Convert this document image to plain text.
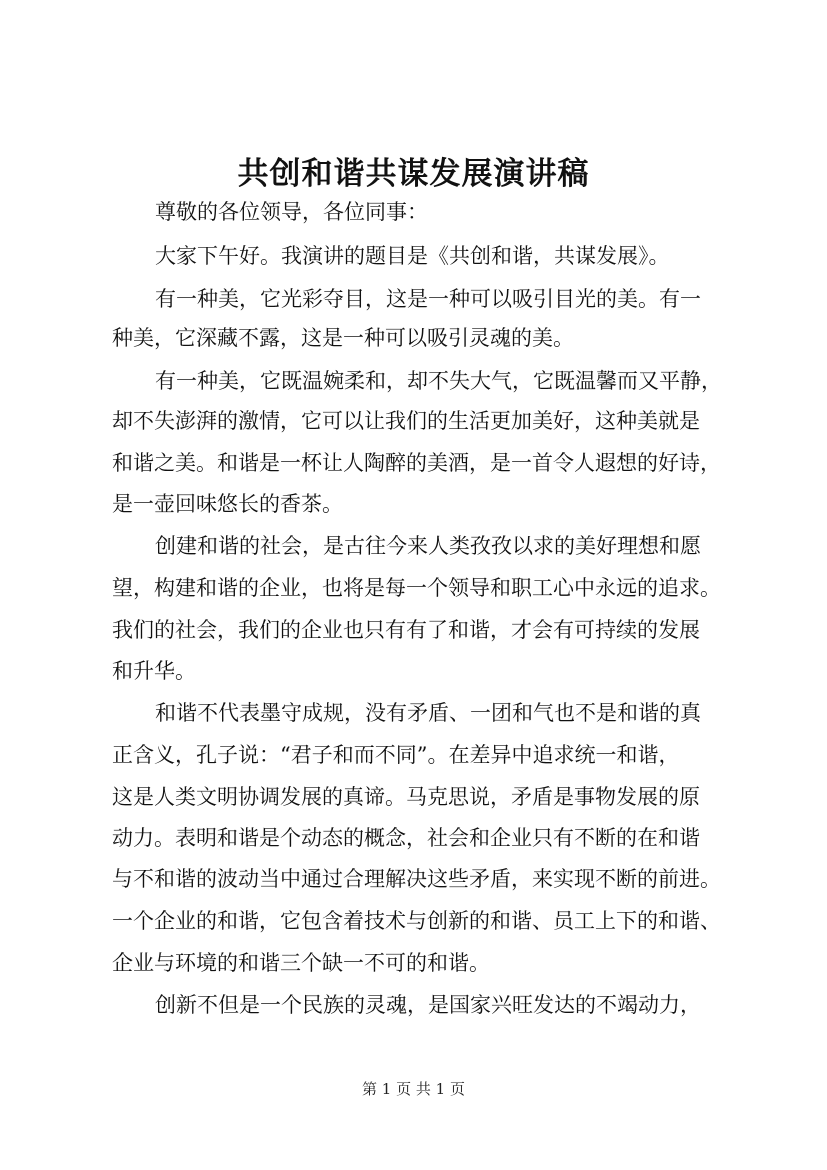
共创和谐共谋发展演讲稿
尊敬的各位领导，各位同事：
大家下午好。我演讲的题目是《共创和谐，共谋发展》。
有一种美，它光彩夺目，这是一种可以吸引目光的美。有一
种美，它深藏不露，这是一种可以吸引灵魂的美。
有一种美，它既温婉柔和，却不失大气，它既温馨而又平静，
却不失澎湃的激情，它可以让我们的生活更加美好，这种美就是
和谐之美。和谐是一杯让人陶醉的美酒，是一首令人遐想的好诗，
是一壶回味悠长的香茶。
创建和谐的社会，是古往今来人类孜孜以求的美好理想和愿
望，构建和谐的企业，也将是每一个领导和职工心中永远的追求。
我们的社会，我们的企业也只有有了和谐，才会有可持续的发展
和升华。
和谐不代表墨守成规，没有矛盾、一团和气也不是和谐的真
正含义，孔子说：“君子和而不同”。在差异中追求统一和谐，
这是人类文明协调发展的真谛。马克思说，矛盾是事物发展的原
动力。表明和谐是个动态的概念，社会和企业只有不断的在和谐
与不和谐的波动当中通过合理解决这些矛盾，来实现不断的前进。
一个企业的和谐，它包含着技术与创新的和谐、员工上下的和谐、
企业与环境的和谐三个缺一不可的和谐。
创新不但是一个民族的灵魂，是国家兴旺发达的不竭动力，
第 1 页 共 1 页
